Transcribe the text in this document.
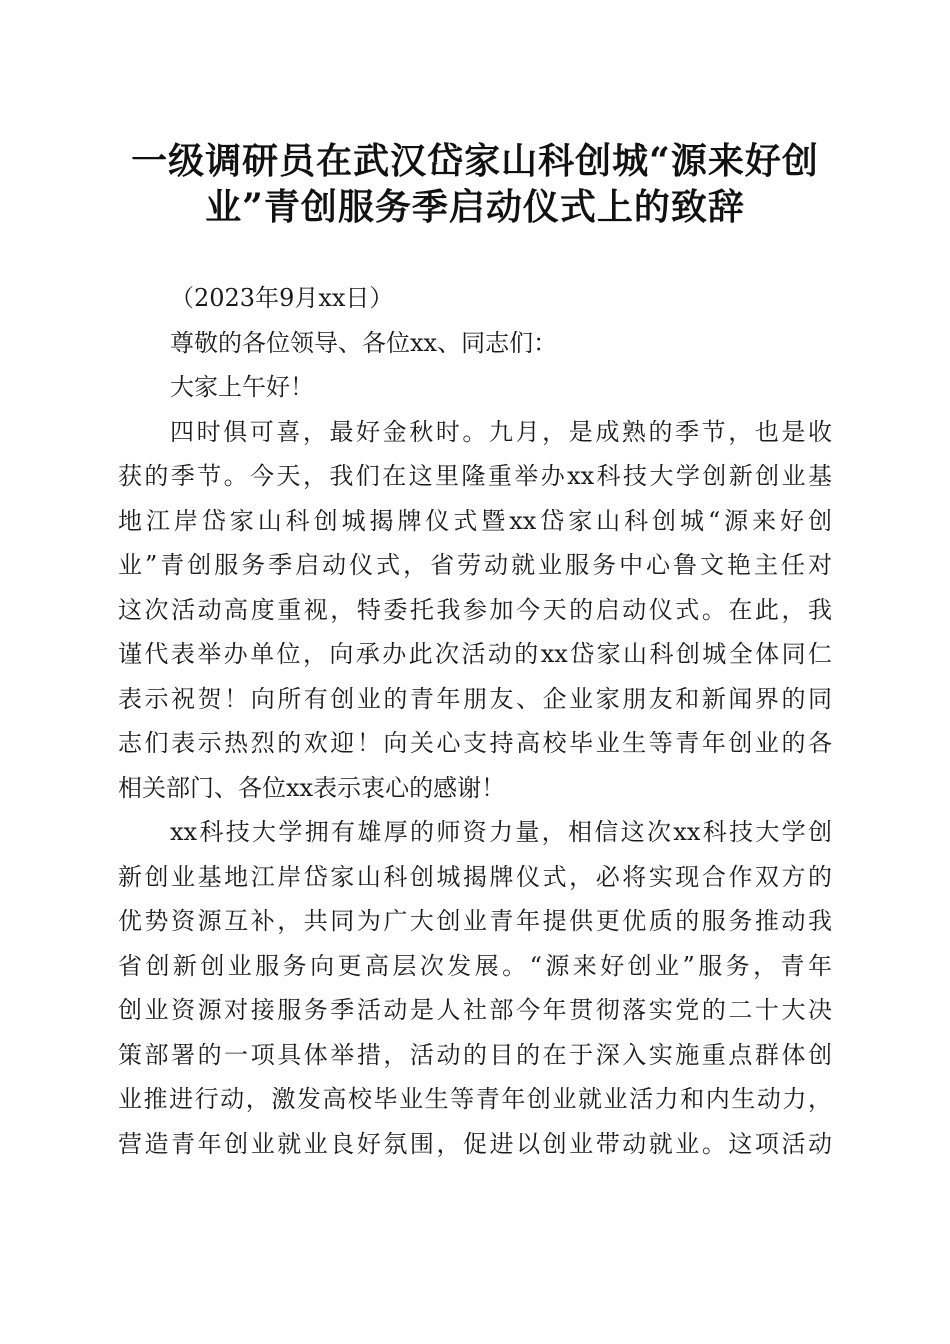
一级调研员在武汉岱家山科创城“源来好创
业”青创服务季启动仪式上的致辞
（2023年9月xx日）
尊敬的各位领导、各位xx、同志们：
大家上午好！
四时俱可喜，最好金秋时。九月，是成熟的季节，也是收
获的季节。今天，我们在这里隆重举办xx科技大学创新创业基
地江岸岱家山科创城揭牌仪式暨xx岱家山科创城“源来好创
业”青创服务季启动仪式，省劳动就业服务中心鲁文艳主任对
这次活动高度重视，特委托我参加今天的启动仪式。在此，我
谨代表举办单位，向承办此次活动的xx岱家山科创城全体同仁
表示祝贺！向所有创业的青年朋友、企业家朋友和新闻界的同
志们表示热烈的欢迎！向关心支持高校毕业生等青年创业的各
相关部门、各位xx表示衷心的感谢！
xx科技大学拥有雄厚的师资力量，相信这次xx科技大学创
新创业基地江岸岱家山科创城揭牌仪式，必将实现合作双方的
优势资源互补，共同为广大创业青年提供更优质的服务推动我
省创新创业服务向更高层次发展。“源来好创业”服务，青年
创业资源对接服务季活动是人社部今年贯彻落实党的二十大决
策部署的一项具体举措，活动的目的在于深入实施重点群体创
业推进行动，激发高校毕业生等青年创业就业活力和内生动力，
营造青年创业就业良好氛围，促进以创业带动就业。这项活动
